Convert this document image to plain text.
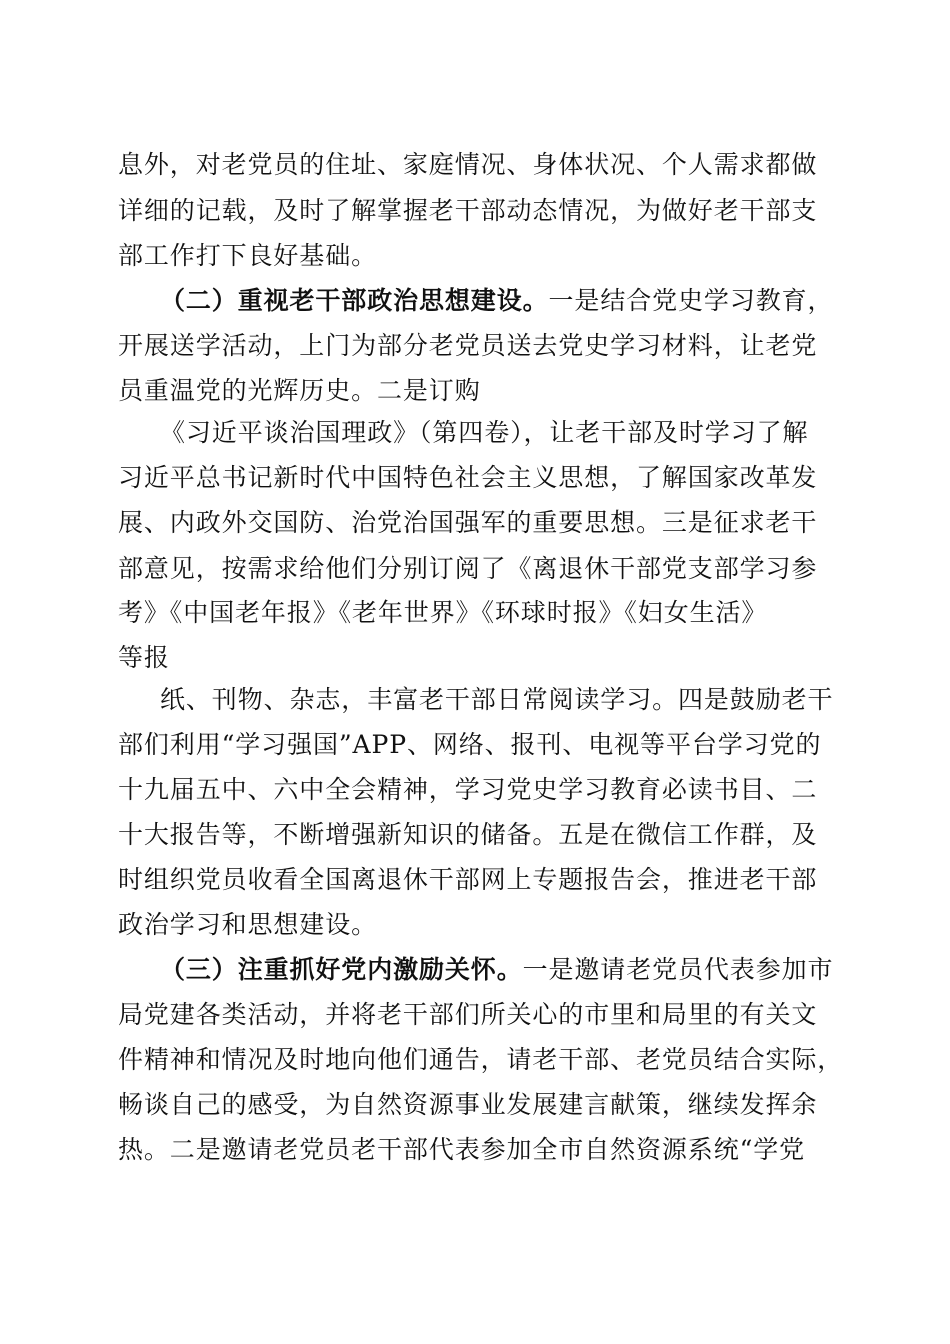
息外，对老党员的住址、家庭情况、身体状况、个人需求都做
详细的记载，及时了解掌握老干部动态情况，为做好老干部支
部工作打下良好基础。
（二）重视老干部政治思想建设。一是结合党史学习教育，
开展送学活动，上门为部分老党员送去党史学习材料，让老党
员重温党的光辉历史。二是订购
《习近平谈治国理政》（第四卷），让老干部及时学习了解
习近平总书记新时代中国特色社会主义思想，了解国家改革发
展、内政外交国防、治党治国强军的重要思想。三是征求老干
部意见，按需求给他们分别订阅了《离退休干部党支部学习参
考》《中国老年报》《老年世界》《环球时报》《妇女生活》
等报
纸、刊物、杂志，丰富老干部日常阅读学习。四是鼓励老干
部们利用“学习强国”APP、网络、报刊、电视等平台学习党的
十九届五中、六中全会精神，学习党史学习教育必读书目、二
十大报告等，不断增强新知识的储备。五是在微信工作群，及
时组织党员收看全国离退休干部网上专题报告会，推进老干部
政治学习和思想建设。
（三）注重抓好党内激励关怀。一是邀请老党员代表参加市
局党建各类活动，并将老干部们所关心的市里和局里的有关文
件精神和情况及时地向他们通告，请老干部、老党员结合实际，
畅谈自己的感受，为自然资源事业发展建言献策，继续发挥余
热。二是邀请老党员老干部代表参加全市自然资源系统“学党
